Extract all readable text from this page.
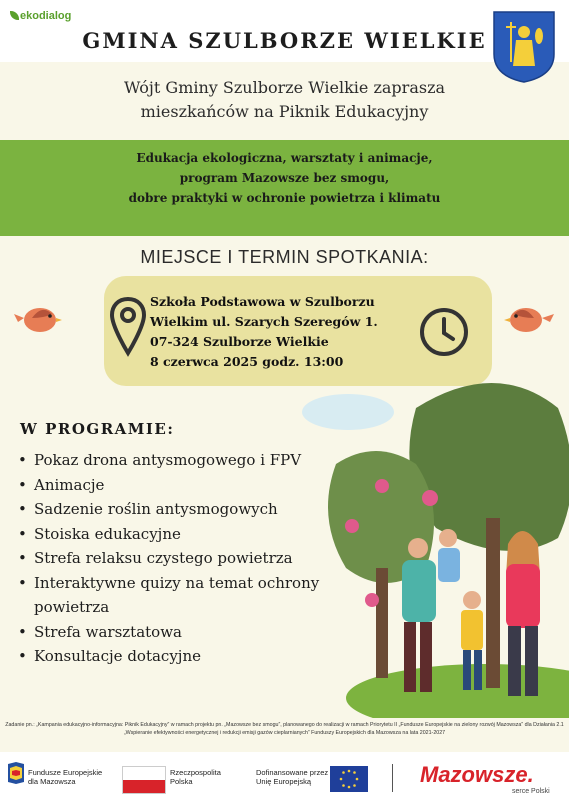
ekodialog
GMINA SZULBORZE WIELKIE
Wójt Gminy Szulborze Wielkie zaprasza
mieszkańców na Piknik Edukacyjny
Edukacja ekologiczna, warsztaty i animacje,
program Mazowsze bez smogu,
dobre praktyki w ochronie powietrza i klimatu
MIEJSCE I TERMIN SPOTKANIA:
Szkoła Podstawowa w Szulborzu
Wielkim ul. Szarych Szeregów 1.
07-324 Szulborze Wielkie
8 czerwca 2025 godz. 13:00
W PROGRAMIE:
• Pokaz drona antysmogowego i FPV
• Animacje
• Sadzenie roślin antysmogowych
• Stoiska edukacyjne
• Strefa relaksu czystego powietrza
• Interaktywne quizy na temat ochrony powietrza
• Strefa warsztatowa
• Konsultacje dotacyjne
Zadanie pn.: „Kampania edukacyjno-informacyjna: Piknik Edukacyjny” w ramach projektu pn. „Mazowsze bez smogu”, planowanego do realizacji w ramach Priorytetu II „Fundusze Europejskie na zielony rozwój Mazowsza” dla Działania 2.1 „Wspieranie efektywności energetycznej i redukcji emisji gazów cieplarnianych” Funduszy Europejskich dla Mazowsza na lata 2021-2027
Fundusze Europejskie
dla Mazowsza
Rzeczpospolita
Polska
Dofinansowane przez
Unię Europejską	Mazowsze.
serce Polski
